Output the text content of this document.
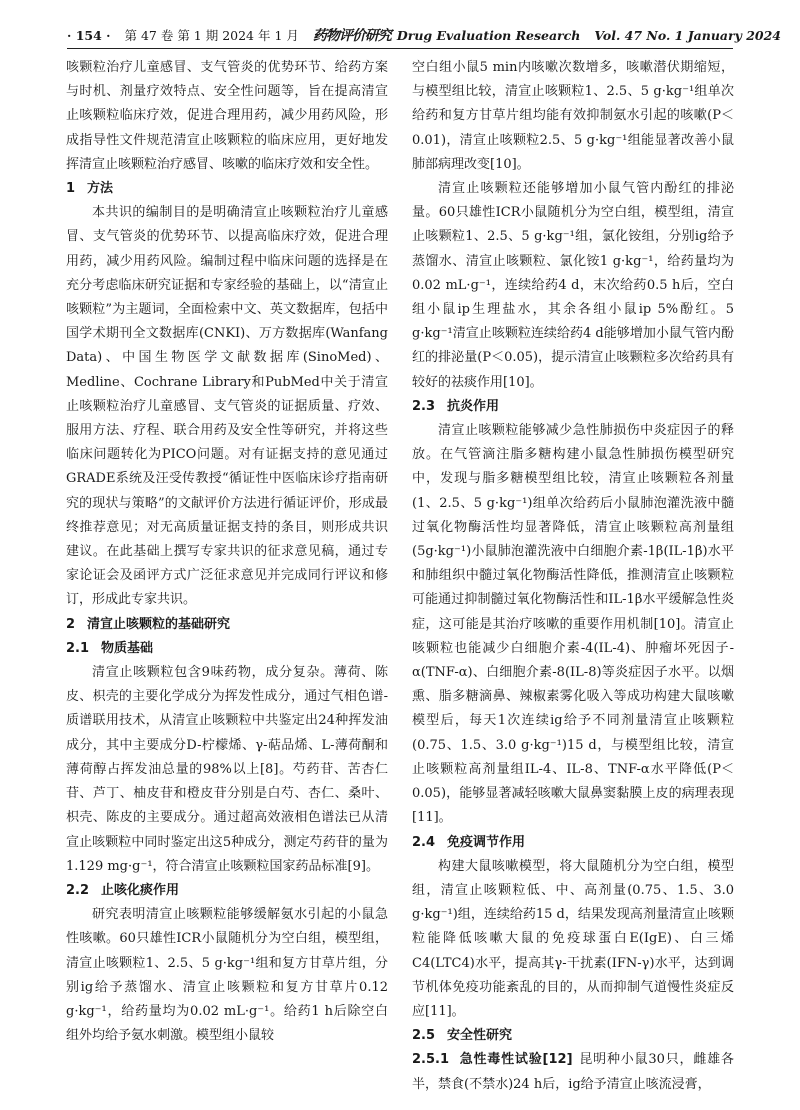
· 154 · 第 47 卷 第 1 期 2024 年 1 月 药物评价研究 Drug Evaluation Research Vol. 47 No. 1 January 2024

咳颗粒治疗儿童感冒、支气管炎的优势环节、给药方案与时机、剂量疗效特点、安全性问题等，旨在提高清宣止咳颗粒临床疗效，促进合理用药，减少用药风险，形成指导性文件规范清宣止咳颗粒的临床应用，更好地发挥清宣止咳颗粒治疗感冒、咳嗽的临床疗效和安全性。

1 方法

本共识的编制目的是明确清宣止咳颗粒治疗儿童感冒、支气管炎的优势环节、以提高临床疗效，促进合理用药，减少用药风险。编制过程中临床问题的选择是在充分考虑临床研究证据和专家经验的基础上，以“清宣止咳颗粒”为主题词，全面检索中文、英文数据库，包括中国学术期刊全文数据库(CNKI)、万方数据库(Wanfang Data)、中国生物医学文献数据库(SinoMed)、Medline、Cochrane Library和PubMed中关于清宣止咳颗粒治疗儿童感冒、支气管炎的证据质量、疗效、服用方法、疗程、联合用药及安全性等研究，并将这些临床问题转化为PICO问题。对有证据支持的意见通过GRADE系统及汪受传教授“循证性中医临床诊疗指南研究的现状与策略”的文献评价方法进行循证评价，形成最终推荐意见；对无高质量证据支持的条目，则形成共识建议。在此基础上撰写专家共识的征求意见稿，通过专家论证会及函评方式广泛征求意见并完成同行评议和修订，形成此专家共识。

2 清宣止咳颗粒的基础研究
2.1 物质基础

清宣止咳颗粒包含9味药物，成分复杂。薄荷、陈皮、枳壳的主要化学成分为挥发性成分，通过气相色谱-质谱联用技术，从清宣止咳颗粒中共鉴定出24种挥发油成分，其中主要成分D-柠檬烯、γ-萜品烯、L-薄荷酮和薄荷醇占挥发油总量的98%以上[8]。芍药苷、苦杏仁苷、芦丁、柚皮苷和橙皮苷分别是白芍、杏仁、桑叶、枳壳、陈皮的主要成分。通过超高效液相色谱法已从清宣止咳颗粒中同时鉴定出这5种成分，测定芍药苷的量为1.129 mg·g⁻¹，符合清宣止咳颗粒国家药品标准[9]。

2.2 止咳化痰作用

研究表明清宣止咳颗粒能够缓解氨水引起的小鼠急性咳嗽。60只雄性ICR小鼠随机分为空白组，模型组，清宣止咳颗粒1、2.5、5 g·kg⁻¹组和复方甘草片组，分别ig给予蒸馏水、清宣止咳颗粒和复方甘草片0.12 g·kg⁻¹，给药量均为0.02 mL·g⁻¹。给药1 h后除空白组外均给予氨水刺激。模型组小鼠较

空白组小鼠5 min内咳嗽次数增多，咳嗽潜伏期缩短，与模型组比较，清宣止咳颗粒1、2.5、5 g·kg⁻¹组单次给药和复方甘草片组均能有效抑制氨水引起的咳嗽(P＜0.01)，清宣止咳颗粒2.5、5 g·kg⁻¹组能显著改善小鼠肺部病理改变[10]。

清宣止咳颗粒还能够增加小鼠气管内酚红的排泌量。60只雄性ICR小鼠随机分为空白组，模型组，清宣止咳颗粒1、2.5、5 g·kg⁻¹组，氯化铵组，分别ig给予蒸馏水、清宣止咳颗粒、氯化铵1 g·kg⁻¹，给药量均为0.02 mL·g⁻¹，连续给药4 d，末次给药0.5 h后，空白组小鼠ip生理盐水，其余各组小鼠ip 5%酚红。5 g·kg⁻¹清宣止咳颗粒连续给药4 d能够增加小鼠气管内酚红的排泌量(P＜0.05)，提示清宣止咳颗粒多次给药具有较好的祛痰作用[10]。

2.3 抗炎作用

清宣止咳颗粒能够减少急性肺损伤中炎症因子的释放。在气管滴注脂多糖构建小鼠急性肺损伤模型研究中，发现与脂多糖模型组比较，清宣止咳颗粒各剂量(1、2.5、5 g·kg⁻¹)组单次给药后小鼠肺泡灌洗液中髓过氧化物酶活性均显著降低，清宣止咳颗粒高剂量组(5g·kg⁻¹)小鼠肺泡灌洗液中白细胞介素-1β(IL-1β)水平和肺组织中髓过氧化物酶活性降低，推测清宣止咳颗粒可能通过抑制髓过氧化物酶活性和IL-1β水平缓解急性炎症，这可能是其治疗咳嗽的重要作用机制[10]。清宣止咳颗粒也能减少白细胞介素-4(IL-4)、肿瘤坏死因子-α(TNF-α)、白细胞介素-8(IL-8)等炎症因子水平。以烟熏、脂多糖滴鼻、辣椒素雾化吸入等成功构建大鼠咳嗽模型后，每天1次连续ig给予不同剂量清宣止咳颗粒(0.75、1.5、3.0 g·kg⁻¹)15 d，与模型组比较，清宣止咳颗粒高剂量组IL-4、IL-8、TNF-α水平降低(P＜0.05)，能够显著减轻咳嗽大鼠鼻窦黏膜上皮的病理表现[11]。

2.4 免疫调节作用

构建大鼠咳嗽模型，将大鼠随机分为空白组，模型组，清宣止咳颗粒低、中、高剂量(0.75、1.5、3.0 g·kg⁻¹)组，连续给药15 d，结果发现高剂量清宣止咳颗粒能降低咳嗽大鼠的免疫球蛋白E(IgE)、白三烯C4(LTC4)水平，提高其γ-干扰素(IFN-γ)水平，达到调节机体免疫功能紊乱的目的，从而抑制气道慢性炎症反应[11]。

2.5 安全性研究

2.5.1 急性毒性试验[12] 昆明种小鼠30只，雌雄各半，禁食(不禁水)24 h后，ig给予清宣止咳流浸膏，
